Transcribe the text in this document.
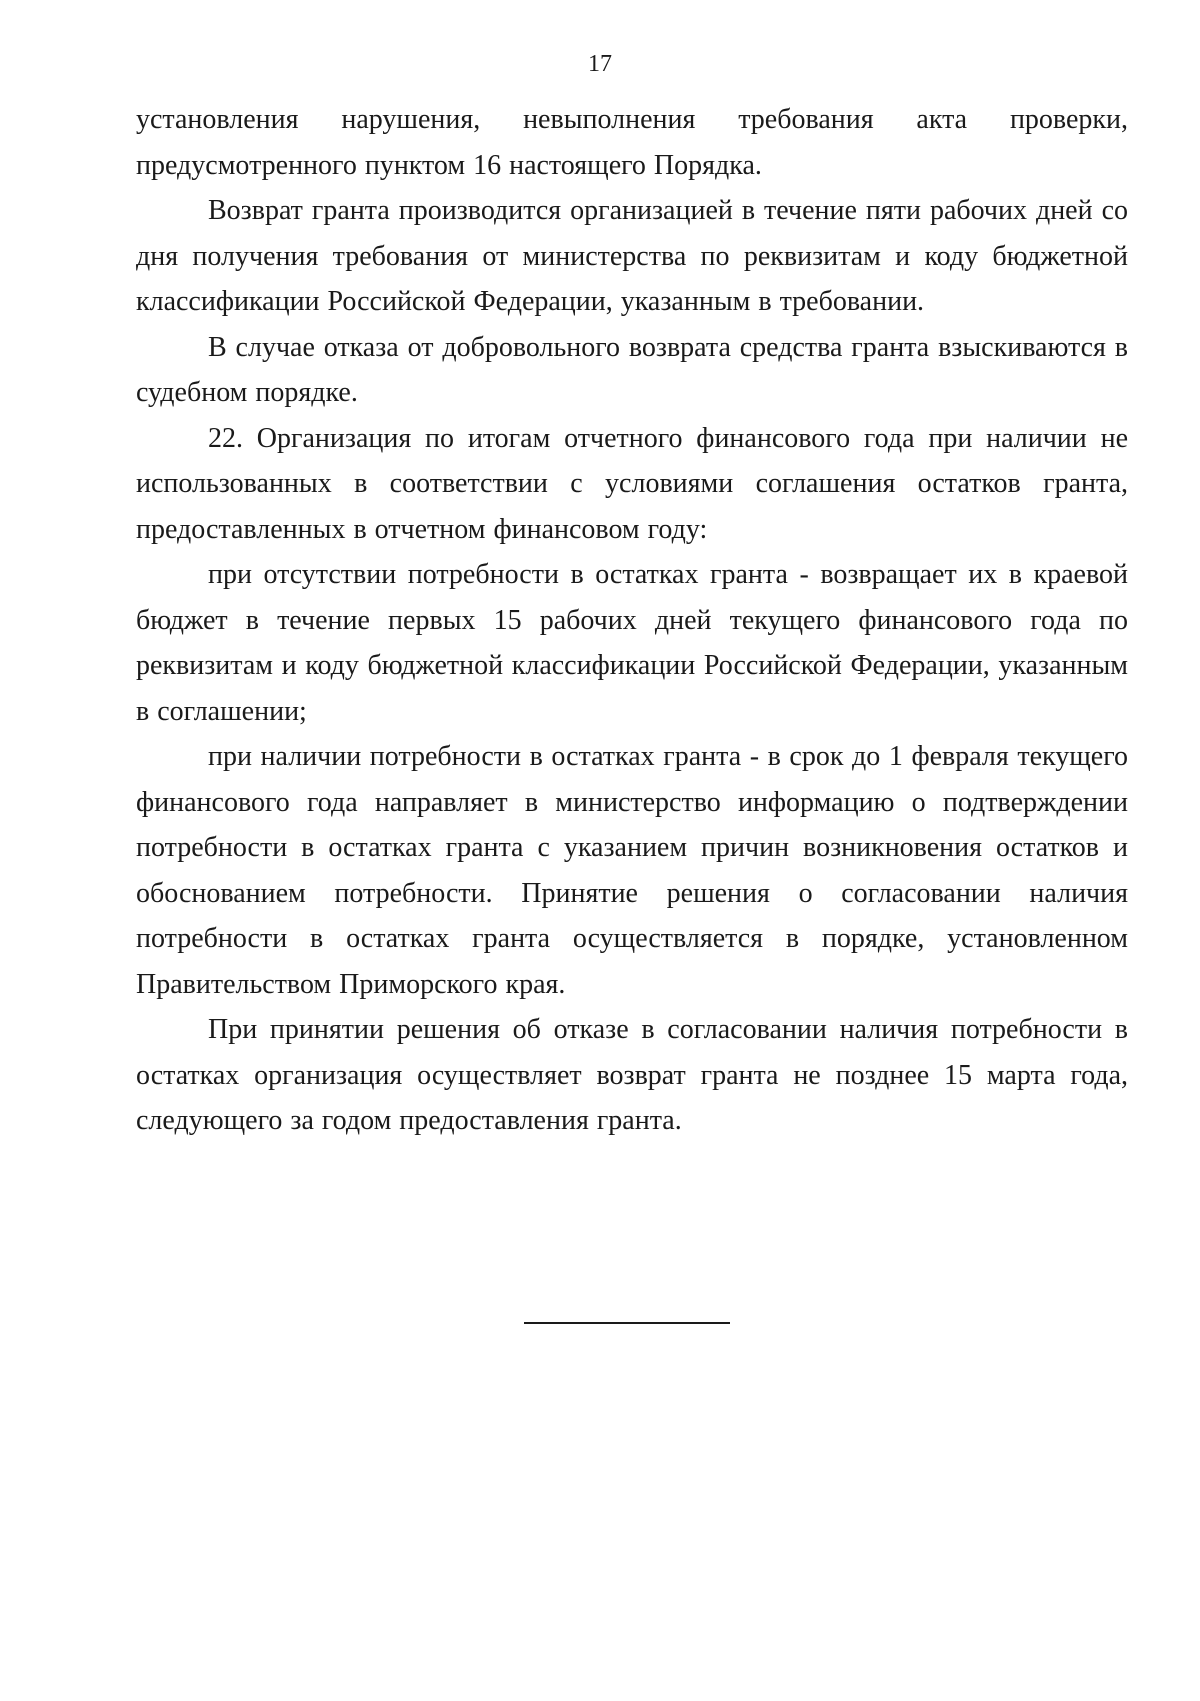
17

установления нарушения, невыполнения требования акта проверки, предусмотренного пунктом 16 настоящего Порядка.

Возврат гранта производится организацией в течение пяти рабочих дней со дня получения требования от министерства по реквизитам и коду бюджетной классификации Российской Федерации, указанным в требовании.

В случае отказа от добровольного возврата средства гранта взыскиваются в судебном порядке.

22. Организация по итогам отчетного финансового года при наличии не использованных в соответствии с условиями соглашения остатков гранта, предоставленных в отчетном финансовом году:

при отсутствии потребности в остатках гранта - возвращает их в краевой бюджет в течение первых 15 рабочих дней текущего финансового года по реквизитам и коду бюджетной классификации Российской Федерации, указанным в соглашении;

при наличии потребности в остатках гранта - в срок до 1 февраля текущего финансового года направляет в министерство информацию о подтверждении потребности в остатках гранта с указанием причин возникновения остатков и обоснованием потребности. Принятие решения о согласовании наличия потребности в остатках гранта осуществляется в порядке, установленном Правительством Приморского края.

При принятии решения об отказе в согласовании наличия потребности в остатках организация осуществляет возврат гранта не позднее 15 марта года, следующего за годом предоставления гранта.
